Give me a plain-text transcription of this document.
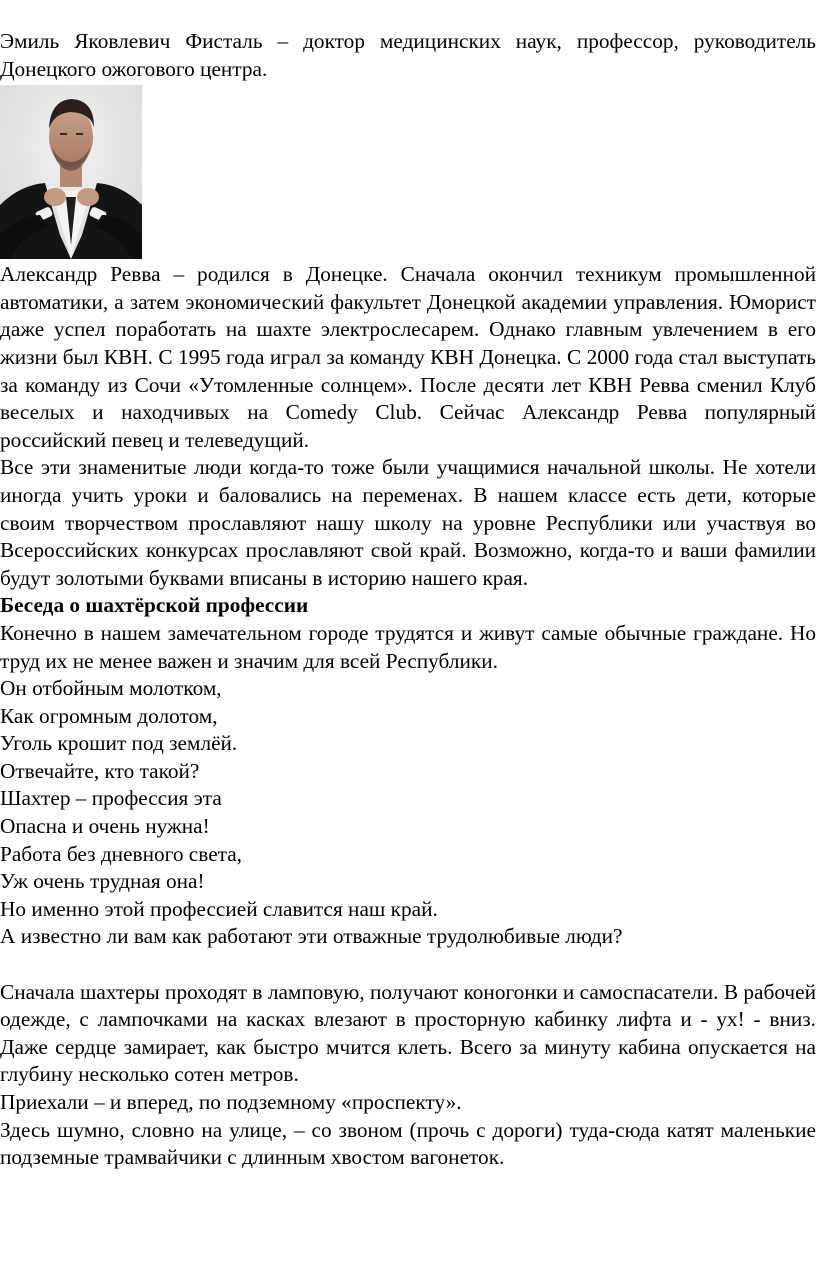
Эмиль Яковлевич Фисталь – доктор медицинских наук, профессор, руководитель Донецкого ожогового центра.

Александр Ревва – родился в Донецке. Сначала окончил техникум промышленной автоматики, а затем экономический факультет Донецкой академии управления. Юморист даже успел поработать на шахте электрослесарем. Однако главным увлечением в его жизни был КВН. С 1995 года играл за команду КВН Донецка. С 2000 года стал выступать за команду из Сочи «Утомленные солнцем». После десяти лет КВН Ревва сменил Клуб веселых и находчивых на Comedy Club. Сейчас Александр Ревва популярный российский певец и телеведущий.

Все эти знаменитые люди когда-то тоже были учащимися начальной школы. Не хотели иногда учить уроки и баловались на переменах. В нашем классе есть дети, которые своим творчеством прославляют нашу школу на уровне Республики или участвуя во Всероссийских конкурсах прославляют свой край. Возможно, когда-то и ваши фамилии будут золотыми буквами вписаны в историю нашего края.

Беседа о шахтёрской профессии

Конечно в нашем замечательном городе трудятся и живут самые обычные граждане. Но труд их не менее важен и значим для всей Республики.

Он отбойным молотком,

Как огромным долотом,

Уголь крошит под землёй.

Отвечайте, кто такой?

Шахтер – профессия эта

Опасна и очень нужна!

Работа без дневного света,

Уж очень трудная она!

Но именно этой профессией славится наш край.

А известно ли вам как работают эти отважные трудолюбивые люди?

Сначала шахтеры проходят в ламповую, получают коногонки и самоспасатели. В рабочей одежде, с лампочками на касках влезают в просторную кабинку лифта и - ух! - вниз. Даже сердце замирает, как быстро мчится клеть. Всего за минуту кабина опускается на глубину несколько сотен метров.

Приехали – и вперед, по подземному «проспекту».

Здесь шумно, словно на улице, – со звоном (прочь с дороги) туда-сюда катят маленькие подземные трамвайчики с длинным хвостом вагонеток.
